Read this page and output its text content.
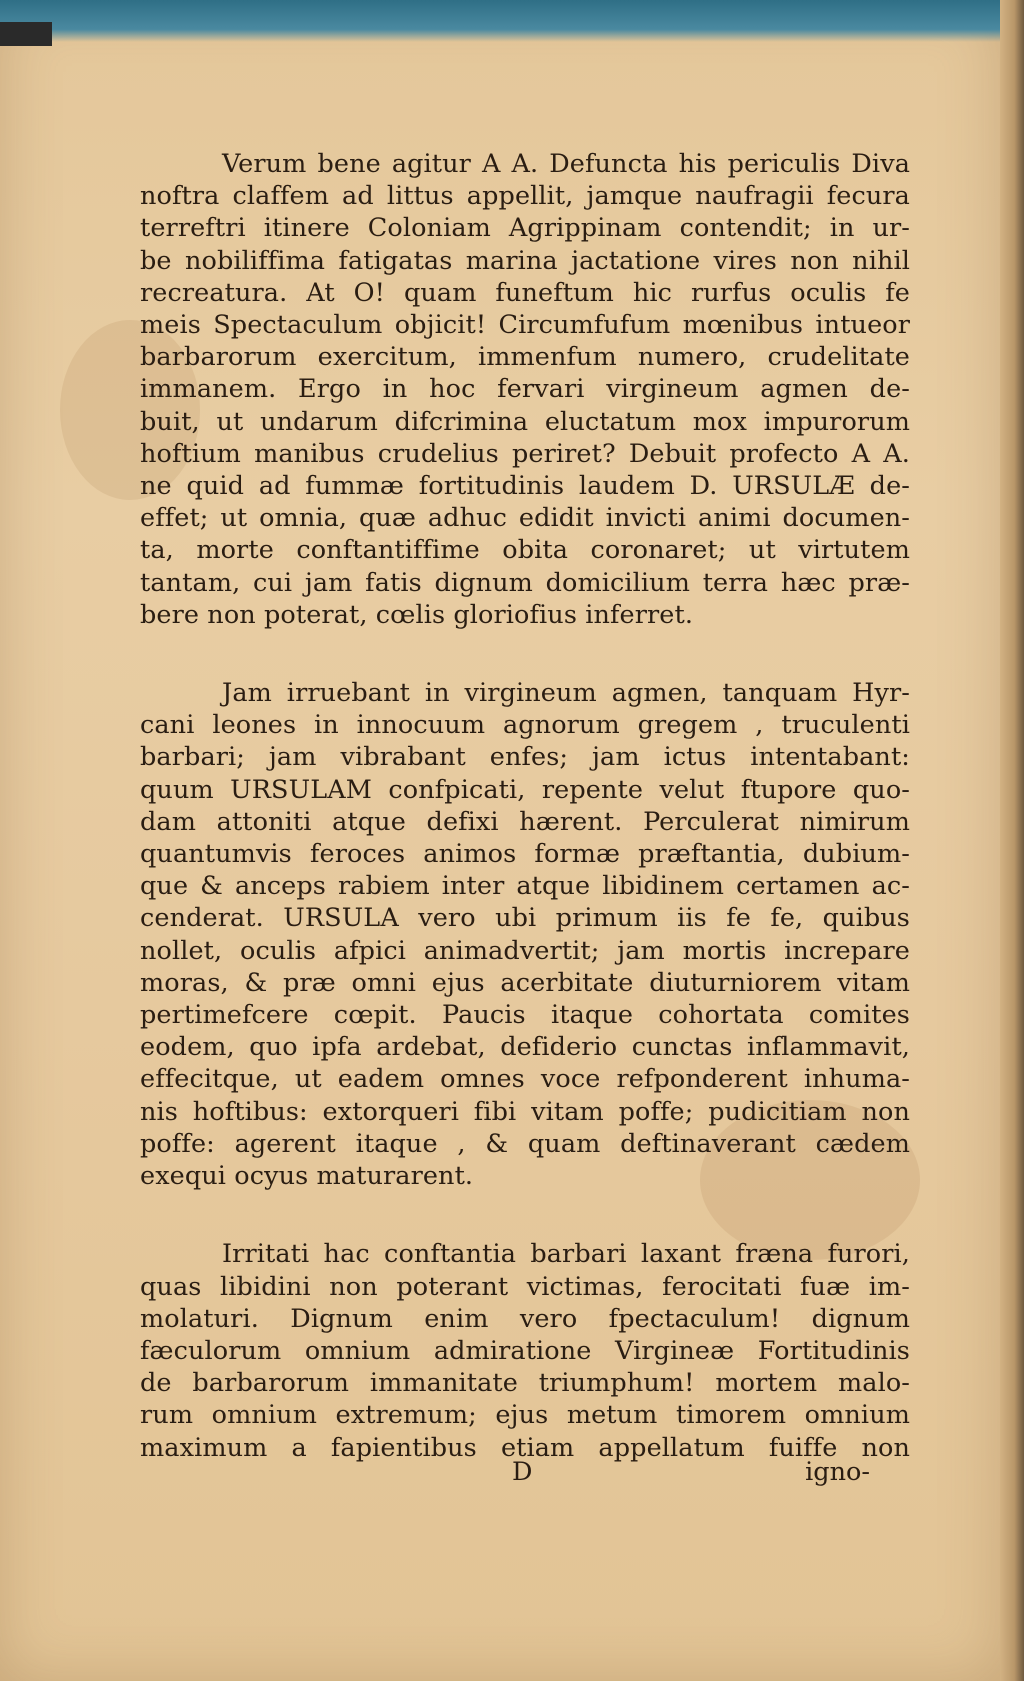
Verum bene agitur A A. Defuncta his periculis Diva
noftra claffem ad littus appellit, jamque naufragii fecura
terreftri itinere Coloniam Agrippinam contendit; in ur-
be nobiliffima fatigatas marina jactatione vires non nihil
recreatura. At O! quam funeftum hic rurfus oculis fe
meis Spectaculum objicit! Circumfufum mœnibus intueor
barbarorum exercitum, immenfum numero, crudelitate
immanem. Ergo in hoc fervari virgineum agmen de-
buit, ut undarum difcrimina eluctatum mox impurorum
hoftium manibus crudelius periret? Debuit profecto A A.
ne quid ad fummæ fortitudinis laudem D. URSULÆ de-
effet; ut omnia, quæ adhuc edidit invicti animi documen-
ta, morte conftantiffime obita coronaret; ut virtutem
tantam, cui jam fatis dignum domicilium terra hæc præ-
bere non poterat, cœlis gloriofius inferret.
Jam irruebant in virgineum agmen, tanquam Hyr-
cani leones in innocuum agnorum gregem , truculenti
barbari; jam vibrabant enfes; jam ictus intentabant:
quum URSULAM confpicati, repente velut ftupore quo-
dam attoniti atque defixi hærent. Perculerat nimirum
quantumvis feroces animos formæ præftantia, dubium-
que & anceps rabiem inter atque libidinem certamen ac-
cenderat. URSULA vero ubi primum iis fe fe, quibus
nollet, oculis afpici animadvertit; jam mortis increpare
moras, & præ omni ejus acerbitate diuturniorem vitam
pertimefcere cœpit. Paucis itaque cohortata comites
eodem, quo ipfa ardebat, defiderio cunctas inflammavit,
effecitque, ut eadem omnes voce refponderent inhuma-
nis hoftibus: extorqueri fibi vitam poffe; pudicitiam non
poffe: agerent itaque , & quam deftinaverant cædem
exequi ocyus maturarent.
Irritati hac conftantia barbari laxant fræna furori,
quas libidini non poterant victimas, ferocitati fuæ im-
molaturi. Dignum enim vero fpectaculum! dignum
fæculorum omnium admiratione Virgineæ Fortitudinis
de barbarorum immanitate triumphum! mortem malo-
rum omnium extremum; ejus metum timorem omnium
maximum a fapientibus etiam appellatum fuiffe non
D	igno-
